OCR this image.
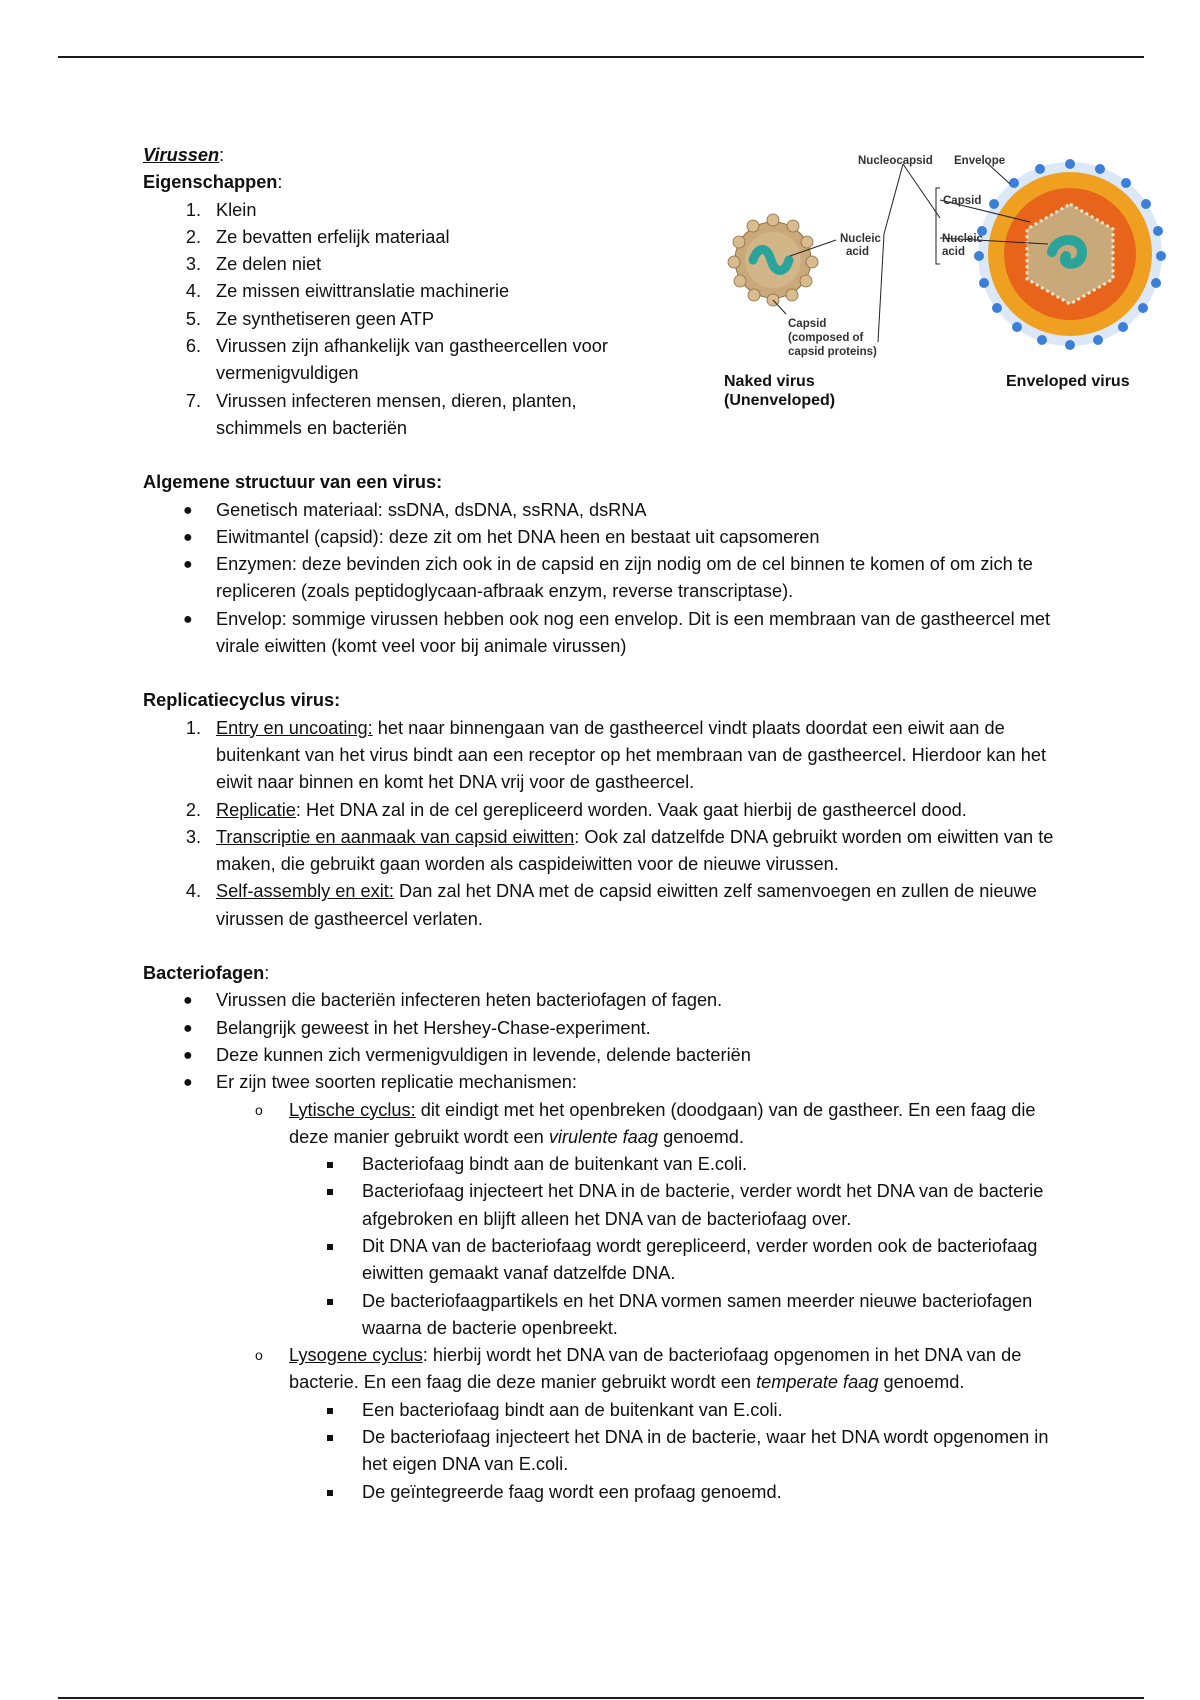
Nucleocapsid Envelope
Capsid
Nucleic
acid
Nucleic
acid
Capsid
(composed of
capsid proteins)
Naked virus
(Unenveloped)
Enveloped virus
Virussen:
Eigenschappen:
1. Klein
2. Ze bevatten erfelijk materiaal
3. Ze delen niet
4. Ze missen eiwittranslatie machinerie
5. Ze synthetiseren geen ATP
6. Virussen zijn afhankelijk van gastheercellen voor vermenigvuldigen
7. Virussen infecteren mensen, dieren, planten, schimmels en bacteriën
Algemene structuur van een virus:
● Genetisch materiaal: ssDNA, dsDNA, ssRNA, dsRNA
● Eiwitmantel (capsid): deze zit om het DNA heen en bestaat uit capsomeren
● Enzymen: deze bevinden zich ook in de capsid en zijn nodig om de cel binnen te komen of om zich te repliceren (zoals peptidoglycaan-afbraak enzym, reverse transcriptase).
● Envelop: sommige virussen hebben ook nog een envelop. Dit is een membraan van de gastheercel met virale eiwitten (komt veel voor bij animale virussen)
Replicatiecyclus virus:
1. Entry en uncoating: het naar binnengaan van de gastheercel vindt plaats doordat een eiwit aan de buitenkant van het virus bindt aan een receptor op het membraan van de gastheercel. Hierdoor kan het eiwit naar binnen en komt het DNA vrij voor de gastheercel.
2. Replicatie: Het DNA zal in de cel gerepliceerd worden. Vaak gaat hierbij de gastheercel dood.
3. Transcriptie en aanmaak van capsid eiwitten: Ook zal datzelfde DNA gebruikt worden om eiwitten van te maken, die gebruikt gaan worden als caspideiwitten voor de nieuwe virussen.
4. Self-assembly en exit: Dan zal het DNA met de capsid eiwitten zelf samenvoegen en zullen de nieuwe virussen de gastheercel verlaten.
Bacteriofagen:
● Virussen die bacteriën infecteren heten bacteriofagen of fagen.
● Belangrijk geweest in het Hershey-Chase-experiment.
● Deze kunnen zich vermenigvuldigen in levende, delende bacteriën
● Er zijn twee soorten replicatie mechanismen:
o Lytische cyclus: dit eindigt met het openbreken (doodgaan) van de gastheer. En een faag die deze manier gebruikt wordt een virulente faag genoemd.
Bacteriofaag bindt aan de buitenkant van E.coli.
Bacteriofaag injecteert het DNA in de bacterie, verder wordt het DNA van de bacterie afgebroken en blijft alleen het DNA van de bacteriofaag over.
Dit DNA van de bacteriofaag wordt gerepliceerd, verder worden ook de bacteriofaag eiwitten gemaakt vanaf datzelfde DNA.
De bacteriofaagpartikels en het DNA vormen samen meerder nieuwe bacteriofagen waarna de bacterie openbreekt.
o Lysogene cyclus: hierbij wordt het DNA van de bacteriofaag opgenomen in het DNA van de bacterie. En een faag die deze manier gebruikt wordt een temperate faag genoemd.
Een bacteriofaag bindt aan de buitenkant van E.coli.
De bacteriofaag injecteert het DNA in de bacterie, waar het DNA wordt opgenomen in het eigen DNA van E.coli.
De geïntegreerde faag wordt een profaag genoemd.
